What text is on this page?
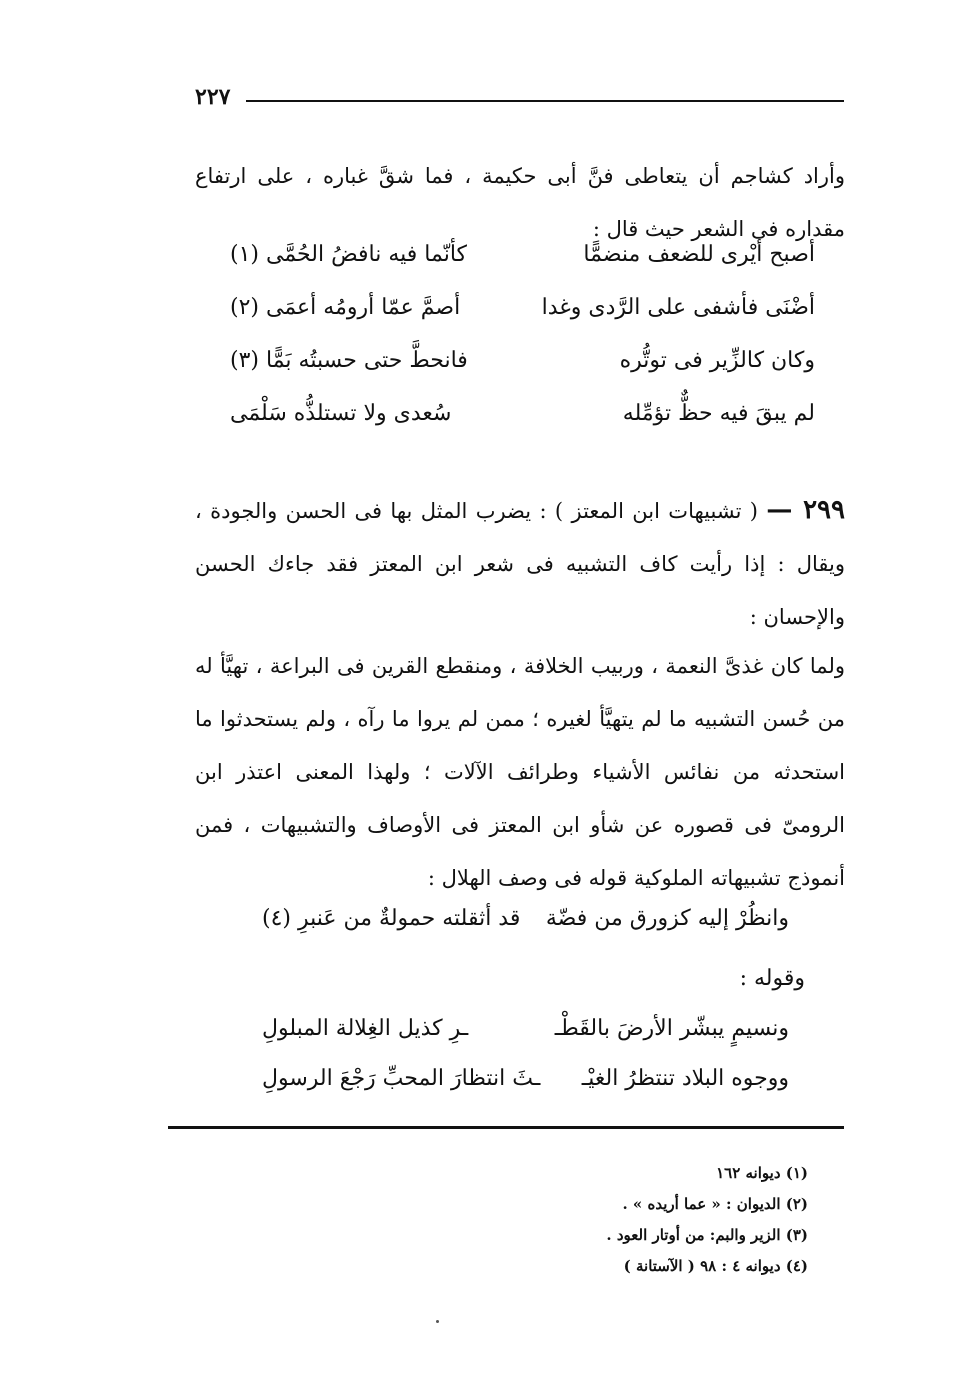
٢٢٧
وأراد كشاجم أن يتعاطى فنَّ أبى حكيمة ، فما شقَّ غباره ، على ارتفاع مقداره فى الشعر حيث قال :
أصبح أيْرى للضعف منضمًّا
كأنّما فيه نافضُ الحُمَّى (١)
أضْنَى فأشفى على الرَّدى وغدا
أصمَّ عمّا أرومُه أعمَى (٢)
وكان كالزِّير فى توتُّره
فانحطَّ حتى حسبتُه بَمًّا (٣)
لم يبقَ فيه حظٌّ تؤمِّله
سُعدى ولا تستلذُّه سَلْمَى
٢٩٩ — ( تشبيهات ابن المعتز ) : يضرب المثل بها فى الحسن والجودة ، ويقال : إذا رأيت كاف التشبيه فى شعر ابن المعتز فقد جاءك الحسن والإحسان :
ولما كان غذىَّ النعمة ، وربيب الخلافة ، ومنقطع القرين فى البراعة ، تهيَّأ له من حُسن التشبيه ما لم يتهيَّأ لغيره ؛ ممن لم يروا ما رآه ، ولم يستحدثوا ما استحدثه من نفائس الأشياء وطرائف الآلات ؛ ولهذا المعنى اعتذر ابن الرومىّ فى قصوره عن شأو ابن المعتز فى الأوصاف والتشبيهات ، فمن أنموذج تشبيهاته الملوكية قوله فى وصف الهلال :
وانظُرْ إليه كزورق من فضّة
قد أثقلته حمولةٌ من عَنبرِ (٤)
وقوله :
ونسيمٍ يبشّر الأرضَ بالقَطْـ
ـرِ كذيل الغِلالة المبلولِ
ووجوه البلاد تنتظرُ الغيْـ
ـثَ انتظارَ المحبِّ رَجْعَ الرسولِ
(١) ديوانه ١٦٢
(٢) الديوان : « عما أريده » .
(٣) الزير والبم: من أوتار العود .
(٤) ديوانه ٤ : ٩٨ ( الآستانة )
